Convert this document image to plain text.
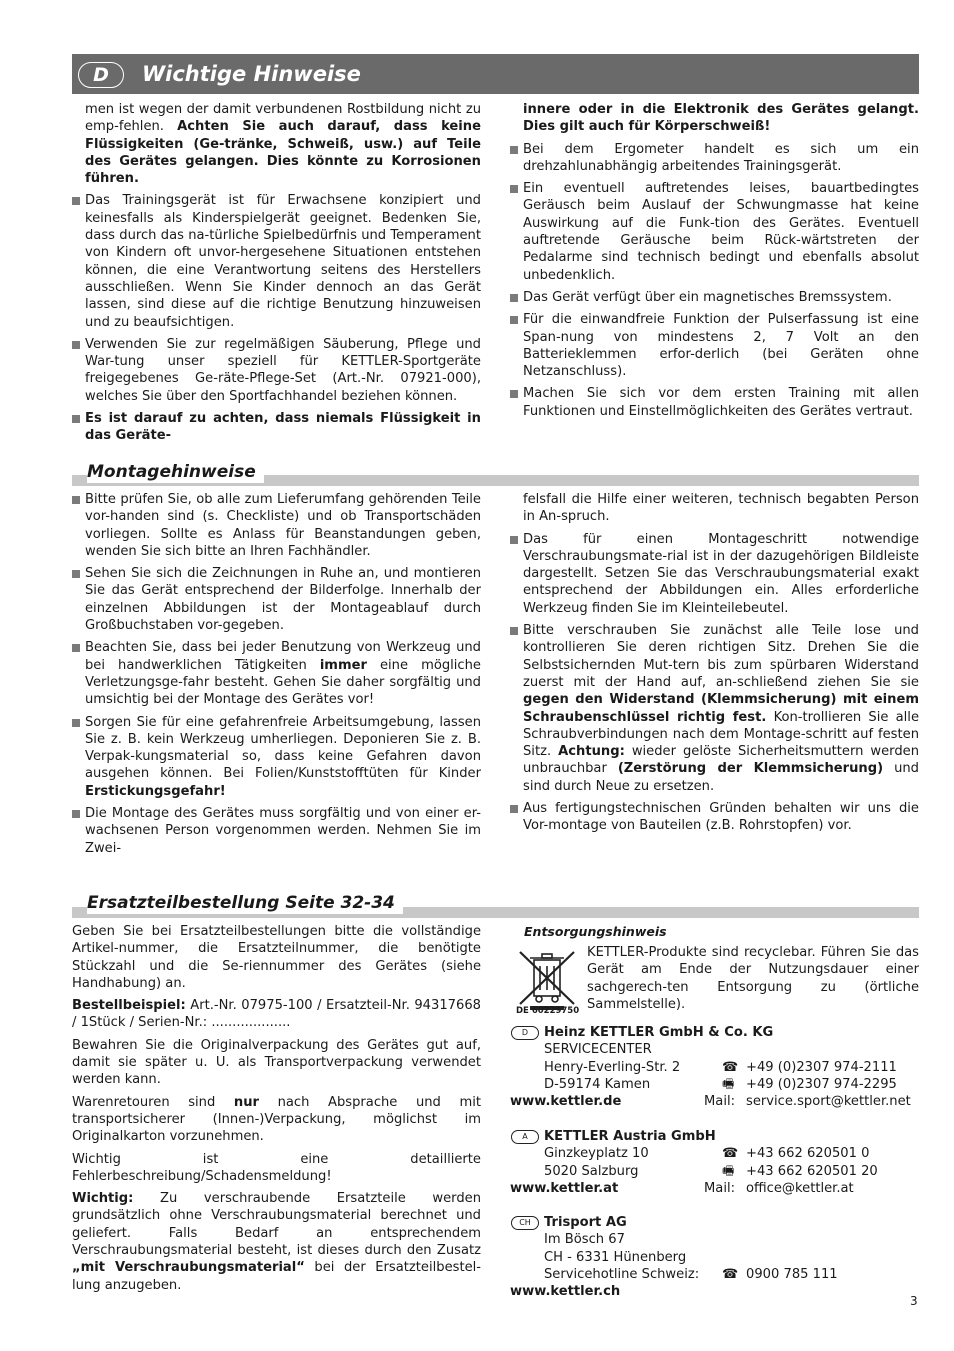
D	Wichtige Hinweise

men ist wegen der damit verbundenen Rostbildung nicht zu emp-fehlen. Achten Sie auch darauf, dass keine Flüssigkeiten (Ge-tränke, Schweiß, usw.) auf Teile des Gerätes gelangen. Dies könnte zu Korrosionen führen.

Das Trainingsgerät ist für Erwachsene konzipiert und keinesfalls als Kinderspielgerät geeignet. Bedenken Sie, dass durch das na-türliche Spielbedürfnis und Temperament von Kindern oft unvor-hergesehene Situationen entstehen können, die eine Verantwortung seitens des Herstellers ausschließen. Wenn Sie Kinder dennoch an das Gerät lassen, sind diese auf die richtige Benutzung hinzuweisen und zu beaufsichtigen.
Verwenden Sie zur regelmäßigen Säuberung, Pflege und War-tung unser speziell für KETTLER-Sportgeräte freigegebenes Ge-räte-Pflege-Set (Art.-Nr. 07921-000), welches Sie über den Sportfachhandel beziehen können.
Es ist darauf zu achten, dass niemals Flüssigkeit in das Geräte-

innere oder in die Elektronik des Gerätes gelangt. Dies gilt auch für Körperschweiß!

Bei dem Ergometer handelt es sich um ein drehzahlunabhängig arbeitendes Trainingsgerät.
Ein eventuell auftretendes leises, bauartbedingtes Geräusch beim Auslauf der Schwungmasse hat keine Auswirkung auf die Funk-tion des Gerätes. Eventuell auftretende Geräusche beim Rück-wärtstreten der Pedalarme sind technisch bedingt und ebenfalls absolut unbedenklich.
Das Gerät verfügt über ein magnetisches Bremssystem.
Für die einwandfreie Funktion der Pulserfassung ist eine Span-nung von mindestens 2, 7 Volt an den Batterieklemmen erfor-derlich (bei Geräten ohne Netzanschluss).
Machen Sie sich vor dem ersten Training mit allen Funktionen und Einstellmöglichkeiten des Gerätes vertraut.
Montagehinweise
Bitte prüfen Sie, ob alle zum Lieferumfang gehörenden Teile vor-handen sind (s. Checkliste) und ob Transportschäden vorliegen. Sollte es Anlass für Beanstandungen geben, wenden Sie sich bitte an Ihren Fachhändler.
Sehen Sie sich die Zeichnungen in Ruhe an, und montieren Sie das Gerät entsprechend der Bilderfolge. Innerhalb der einzelnen Abbildungen ist der Montageablauf durch Großbuchstaben vor-gegeben.
Beachten Sie, dass bei jeder Benutzung von Werkzeug und bei handwerklichen Tätigkeiten immer eine mögliche Verletzungsge-fahr besteht. Gehen Sie daher sorgfältig und umsichtig bei der Montage des Gerätes vor!
Sorgen Sie für eine gefahrenfreie Arbeitsumgebung, lassen Sie z. B. kein Werkzeug umherliegen. Deponieren Sie z. B. Verpak-kungsmaterial so, dass keine Gefahren davon ausgehen können. Bei Folien/Kunststofftüten für Kinder Erstickungsgefahr!
Die Montage des Gerätes muss sorgfältig und von einer er-wachsenen Person vorgenommen werden. Nehmen Sie im Zwei-

felsfall die Hilfe einer weiteren, technisch begabten Person in An-spruch.

Das für einen Montageschritt notwendige Verschraubungsmate-rial ist in der dazugehörigen Bildleiste dargestellt. Setzen Sie das Verschraubungsmaterial exakt entsprechend der Abbildungen ein. Alles erforderliche Werkzeug finden Sie im Kleinteilebeutel.
Bitte verschrauben Sie zunächst alle Teile lose und kontrollieren Sie deren richtigen Sitz. Drehen Sie die Selbstsichernden Mut-tern bis zum spürbaren Widerstand zuerst mit der Hand auf, an-schließend ziehen Sie sie gegen den Widerstand (Klemmsicherung) mit einem Schraubenschlüssel richtig fest. Kon-trollieren Sie alle Schraubverbindungen nach dem Montage-schritt auf festen Sitz. Achtung: wieder gelöste Sicherheitsmuttern werden unbrauchbar (Zerstörung der Klemmsicherung) und sind durch Neue zu ersetzen.
Aus fertigungstechnischen Gründen behalten wir uns die Vor-montage von Bauteilen (z.B. Rohrstopfen) vor.
Ersatzteilbestellung Seite 32-34

Geben Sie bei Ersatzteilbestellungen bitte die vollständige Artikel-nummer, die Ersatzteilnummer, die benötigte Stückzahl und die Se-riennummer des Gerätes (siehe Handhabung) an.

Bestellbeispiel: Art.-Nr. 07975-100 / Ersatzteil-Nr. 94317668 / 1Stück / Serien-Nr.: ...................

Bewahren Sie die Originalverpackung des Gerätes gut auf, damit sie später u. U. als Transportverpackung verwendet werden kann.

Warenretouren sind nur nach Absprache und mit transportsicherer (Innen-)Verpackung, möglichst im Originalkarton vorzunehmen.

Wichtig ist eine detaillierte Fehlerbeschreibung/Schadensmeldung!

Wichtig: Zu verschraubende Ersatzteile werden grundsätzlich ohne Verschraubungsmaterial berechnet und geliefert. Falls Bedarf an entsprechendem Verschraubungsmaterial besteht, ist dieses durch den Zusatz „mit Verschraubungsmaterial“ bei der Ersatzteilbestel-lung anzugeben.

Entsorgungshinweis
DE 60229750
KETTLER-Produkte sind recyclebar. Führen Sie das Gerät am Ende der Nutzungsdauer einer sachgerech-ten Entsorgung zu (örtliche Sammelstelle).
D	Heinz KETTLER GmbH & Co. KG
SERVICECENTER
Henry-Everling-Str. 2	☎ +49 (0)2307 974-2111
D-59174 Kamen	🖷 +49 (0)2307 974-2295
www.kettler.de	Mail: service.sport@kettler.net
A	KETTLER Austria GmbH
Ginzkeyplatz 10	☎ +43 662 620501 0
5020 Salzburg	🖷 +43 662 620501 20
www.kettler.at	Mail: office@kettler.at
CH	Trisport AG
Im Bösch 67
CH - 6331 Hünenberg
Servicehotline Schweiz: ☎ 0900 785 111
www.kettler.ch
3
